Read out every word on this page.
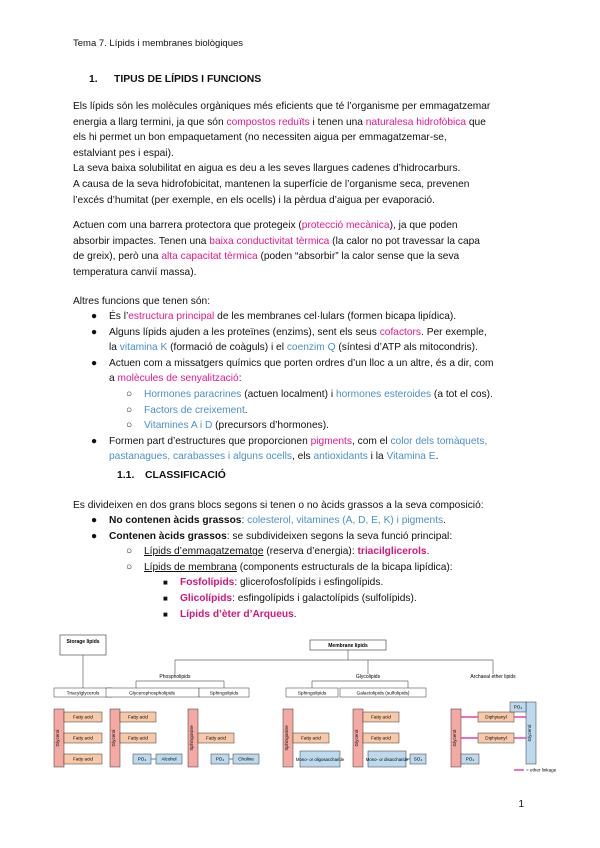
Tema 7. Lípids i membranes biològiques
1. TIPUS DE LÍPIDS I FUNCIONS
Els lípids són les molècules orgàniques més eficients que té l’organisme per emmagatzemar
energia a llarg termini, ja que són compostos reduïts i tenen una naturalesa hidrofòbica que
els hi permet un bon empaquetament (no necessiten aigua per emmagatzemar-se,
estalviant pes i espai).
La seva baixa solubilitat en aigua es deu a les seves llargues cadenes d’hidrocarburs.
A causa de la seva hidrofobicitat, mantenen la superfície de l’organisme seca, prevenen
l’excés d’humitat (per exemple, en els ocells) i la pèrdua d’aigua per evaporació.
Actuen com una barrera protectora que protegeix (protecció mecànica), ja que poden
absorbir impactes. Tenen una baixa conductivitat tèrmica (la calor no pot travessar la capa
de greix), però una alta capacitat tèrmica (poden “absorbir” la calor sense que la seva
temperatura canvií massa).
Altres funcions que tenen són:
● És l’estructura principal de les membranes cel·lulars (formen bicapa lipídica).
● Alguns lípids ajuden a les proteïnes (enzims), sent els seus cofactors. Per exemple,
la vitamina K (formació de coàguls) i el coenzim Q (síntesi d’ATP als mitocondris).
● Actuen com a missatgers químics que porten ordres d’un lloc a un altre, és a dir, com
a molècules de senyalització:
○ Hormones paracrines (actuen localment) i hormones esteroides (a tot el cos).
○ Factors de creixement.
○ Vitamines A i D (precursors d’hormones).
● Formen part d’estructures que proporcionen pigments, com el color dels tomàquets,
pastanagues, carabasses i alguns ocells, els antioxidants i la Vitamina E.
1.1. CLASSIFICACIÓ
Es divideixen en dos grans blocs segons si tenen o no àcids grassos a la seva composició:
● No contenen àcids grassos: colesterol, vitamines (A, D, E, K) i pigments.
● Contenen àcids grassos: se subdivideixen segons la seva funció principal:
○ Lípids d’emmagatzematge (reserva d’energia): triacilglicerols.
○ Lípids de membrana (components estructurals de la bicapa lipídica):
■ Fosfolípids: glicerofosfolípids i esfingolípids.
■ Glicolípids: esfingolípids i galactolípids (sulfolípids).
■ Lípids d’èter d’Arqueus.
Storage lipids
Membrane lipids
Phospholipids	Glycolipids	Archaeal ether lipids
Triacylglycerols	Glycerophospholipids	Sphingolipids	Sphingolipids	Galactolipids (sulfolipids)
Glycerol
Fatty acid
Fatty acid
Fatty acid
Glycerol
Fatty acid
Fatty acid
PO₄	Alcohol
Sphingosine	Fatty acid
PO₄	Choline
Sphingosine	Fatty acid
Mono- or oligosaccharide
Glycerol
Fatty acid
Fatty acid
Mono- or disaccharide SO₄
Glycerol
Diphytanyl
Diphytanyl
PO₄
PO₄
Glycerol
= ether linkage
1
